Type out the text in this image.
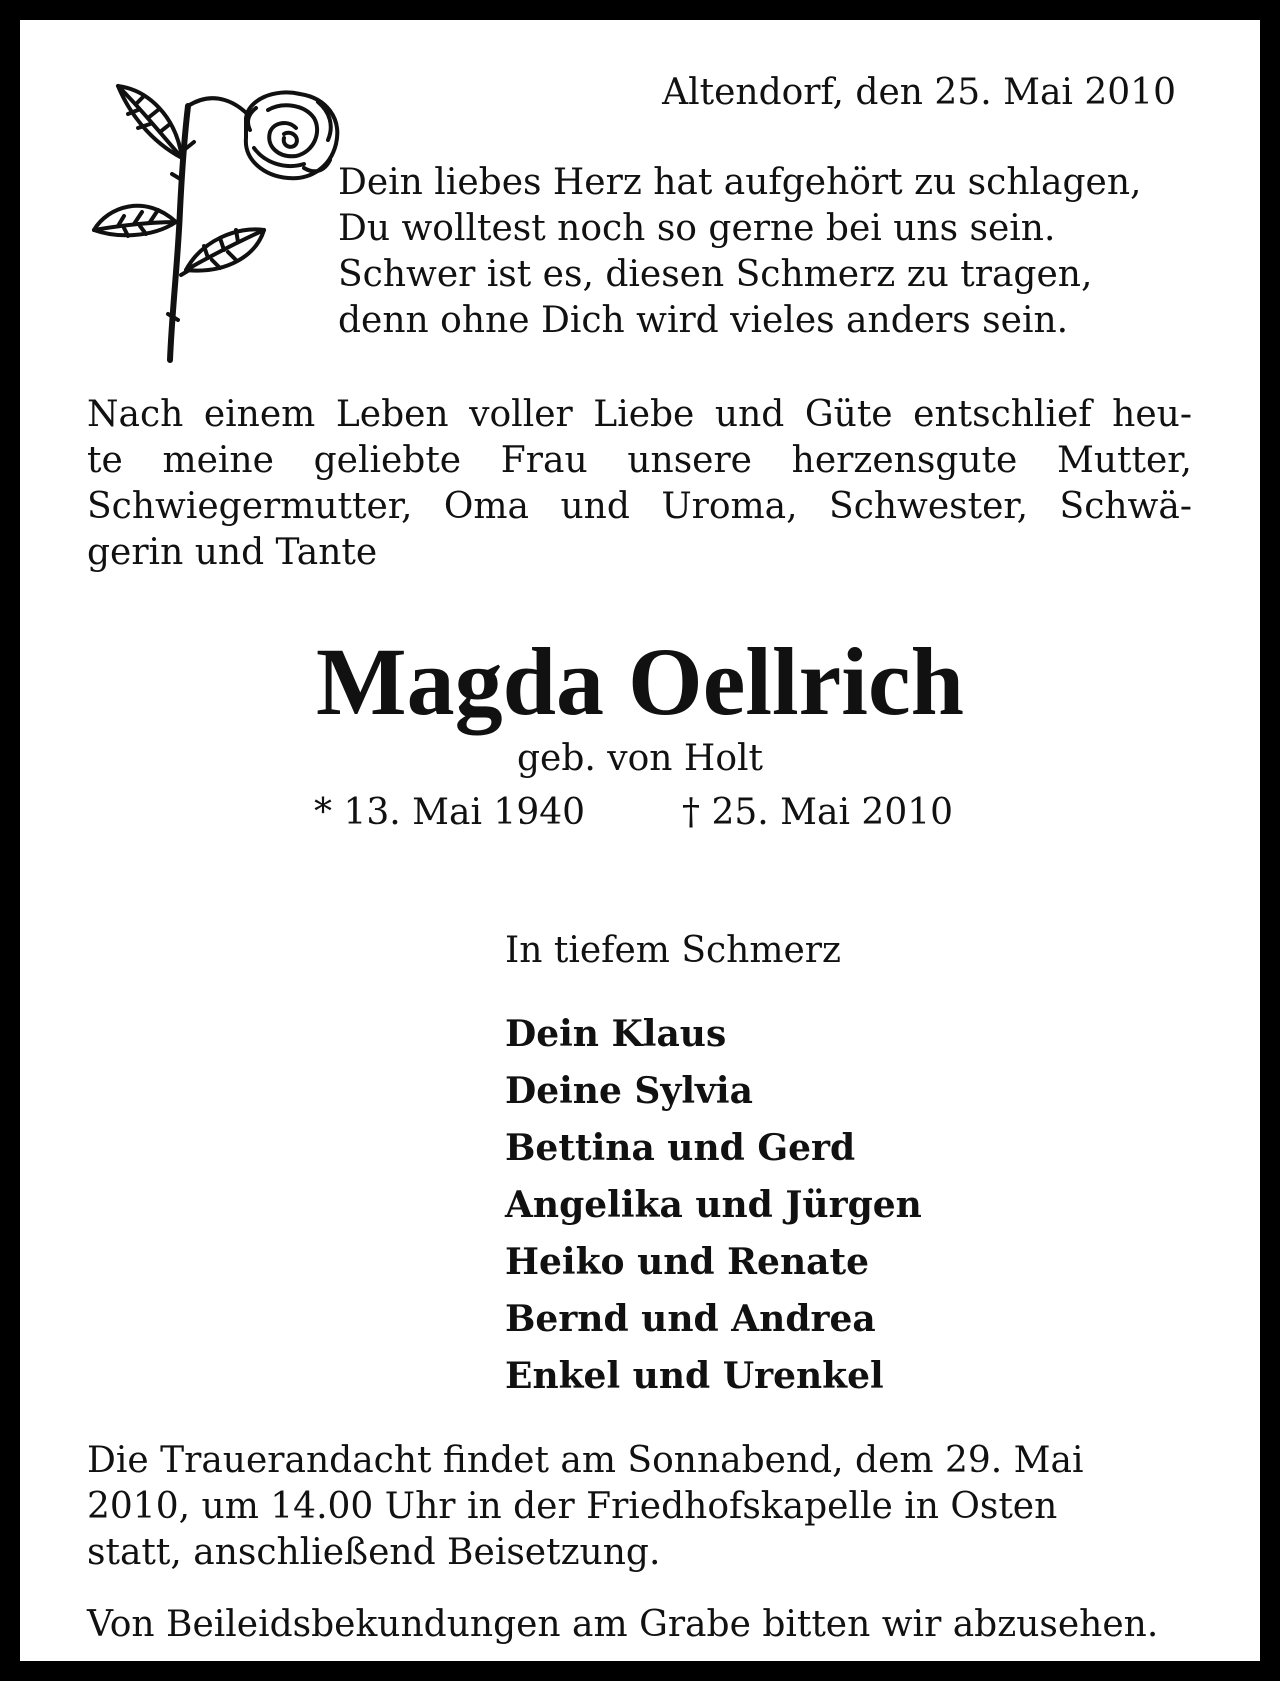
Altendorf, den 25. Mai 2010
Dein liebes Herz hat aufgehört zu schlagen,
Du wolltest noch so gerne bei uns sein.
Schwer ist es, diesen Schmerz zu tragen,
denn ohne Dich wird vieles anders sein.
Nach einem Leben voller Liebe und Güte entschlief heu-
te meine geliebte Frau unsere herzensgute Mutter,
Schwiegermutter, Oma und Uroma, Schwester, Schwä-
gerin und Tante
Magda Oellrich
geb. von Holt
* 13. Mai 1940	† 25. Mai 2010
In tiefem Schmerz
Dein Klaus
Deine Sylvia
Bettina und Gerd
Angelika und Jürgen
Heiko und Renate
Bernd und Andrea
Enkel und Urenkel
Die Trauerandacht findet am Sonnabend, dem 29. Mai
2010, um 14.00 Uhr in der Friedhofskapelle in Osten
statt, anschließend Beisetzung.
Von Beileidsbekundungen am Grabe bitten wir abzusehen.
